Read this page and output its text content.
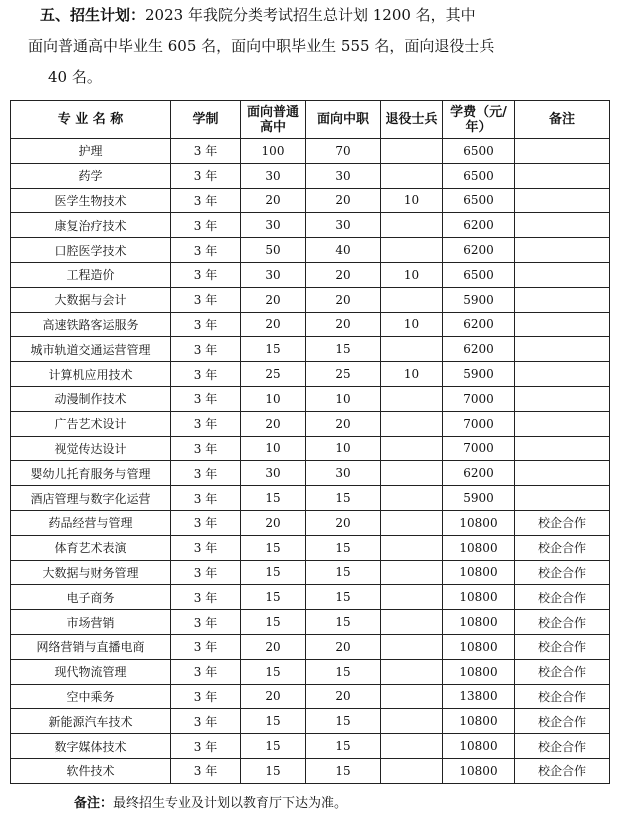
五、招生计划：2023 年我院分类考试招生总计划 1200 名，其中
面向普通高中毕业生 605 名，面向中职毕业生 555 名，面向退役士兵
40 名。
专 业 名 称	学制	面向普通高中	面向中职	退役士兵	学费（元/年）	备注
护理	3 年	100	70		6500	
药学	3 年	30	30		6500	
医学生物技术	3 年	20	20	10	6500	
康复治疗技术	3 年	30	30		6200	
口腔医学技术	3 年	50	40		6200	
工程造价	3 年	30	20	10	6500	
大数据与会计	3 年	20	20		5900	
高速铁路客运服务	3 年	20	20	10	6200	
城市轨道交通运营管理	3 年	15	15		6200	
计算机应用技术	3 年	25	25	10	5900	
动漫制作技术	3 年	10	10		7000	
广告艺术设计	3 年	20	20		7000	
视觉传达设计	3 年	10	10		7000	
婴幼儿托育服务与管理	3 年	30	30		6200	
酒店管理与数字化运营	3 年	15	15		5900	
药品经营与管理	3 年	20	20		10800	校企合作
体育艺术表演	3 年	15	15		10800	校企合作
大数据与财务管理	3 年	15	15		10800	校企合作
电子商务	3 年	15	15		10800	校企合作
市场营销	3 年	15	15		10800	校企合作
网络营销与直播电商	3 年	20	20		10800	校企合作
现代物流管理	3 年	15	15		10800	校企合作
空中乘务	3 年	20	20		13800	校企合作
新能源汽车技术	3 年	15	15		10800	校企合作
数字媒体技术	3 年	15	15		10800	校企合作
软件技术	3 年	15	15		10800	校企合作
备注：最终招生专业及计划以教育厅下达为准。
